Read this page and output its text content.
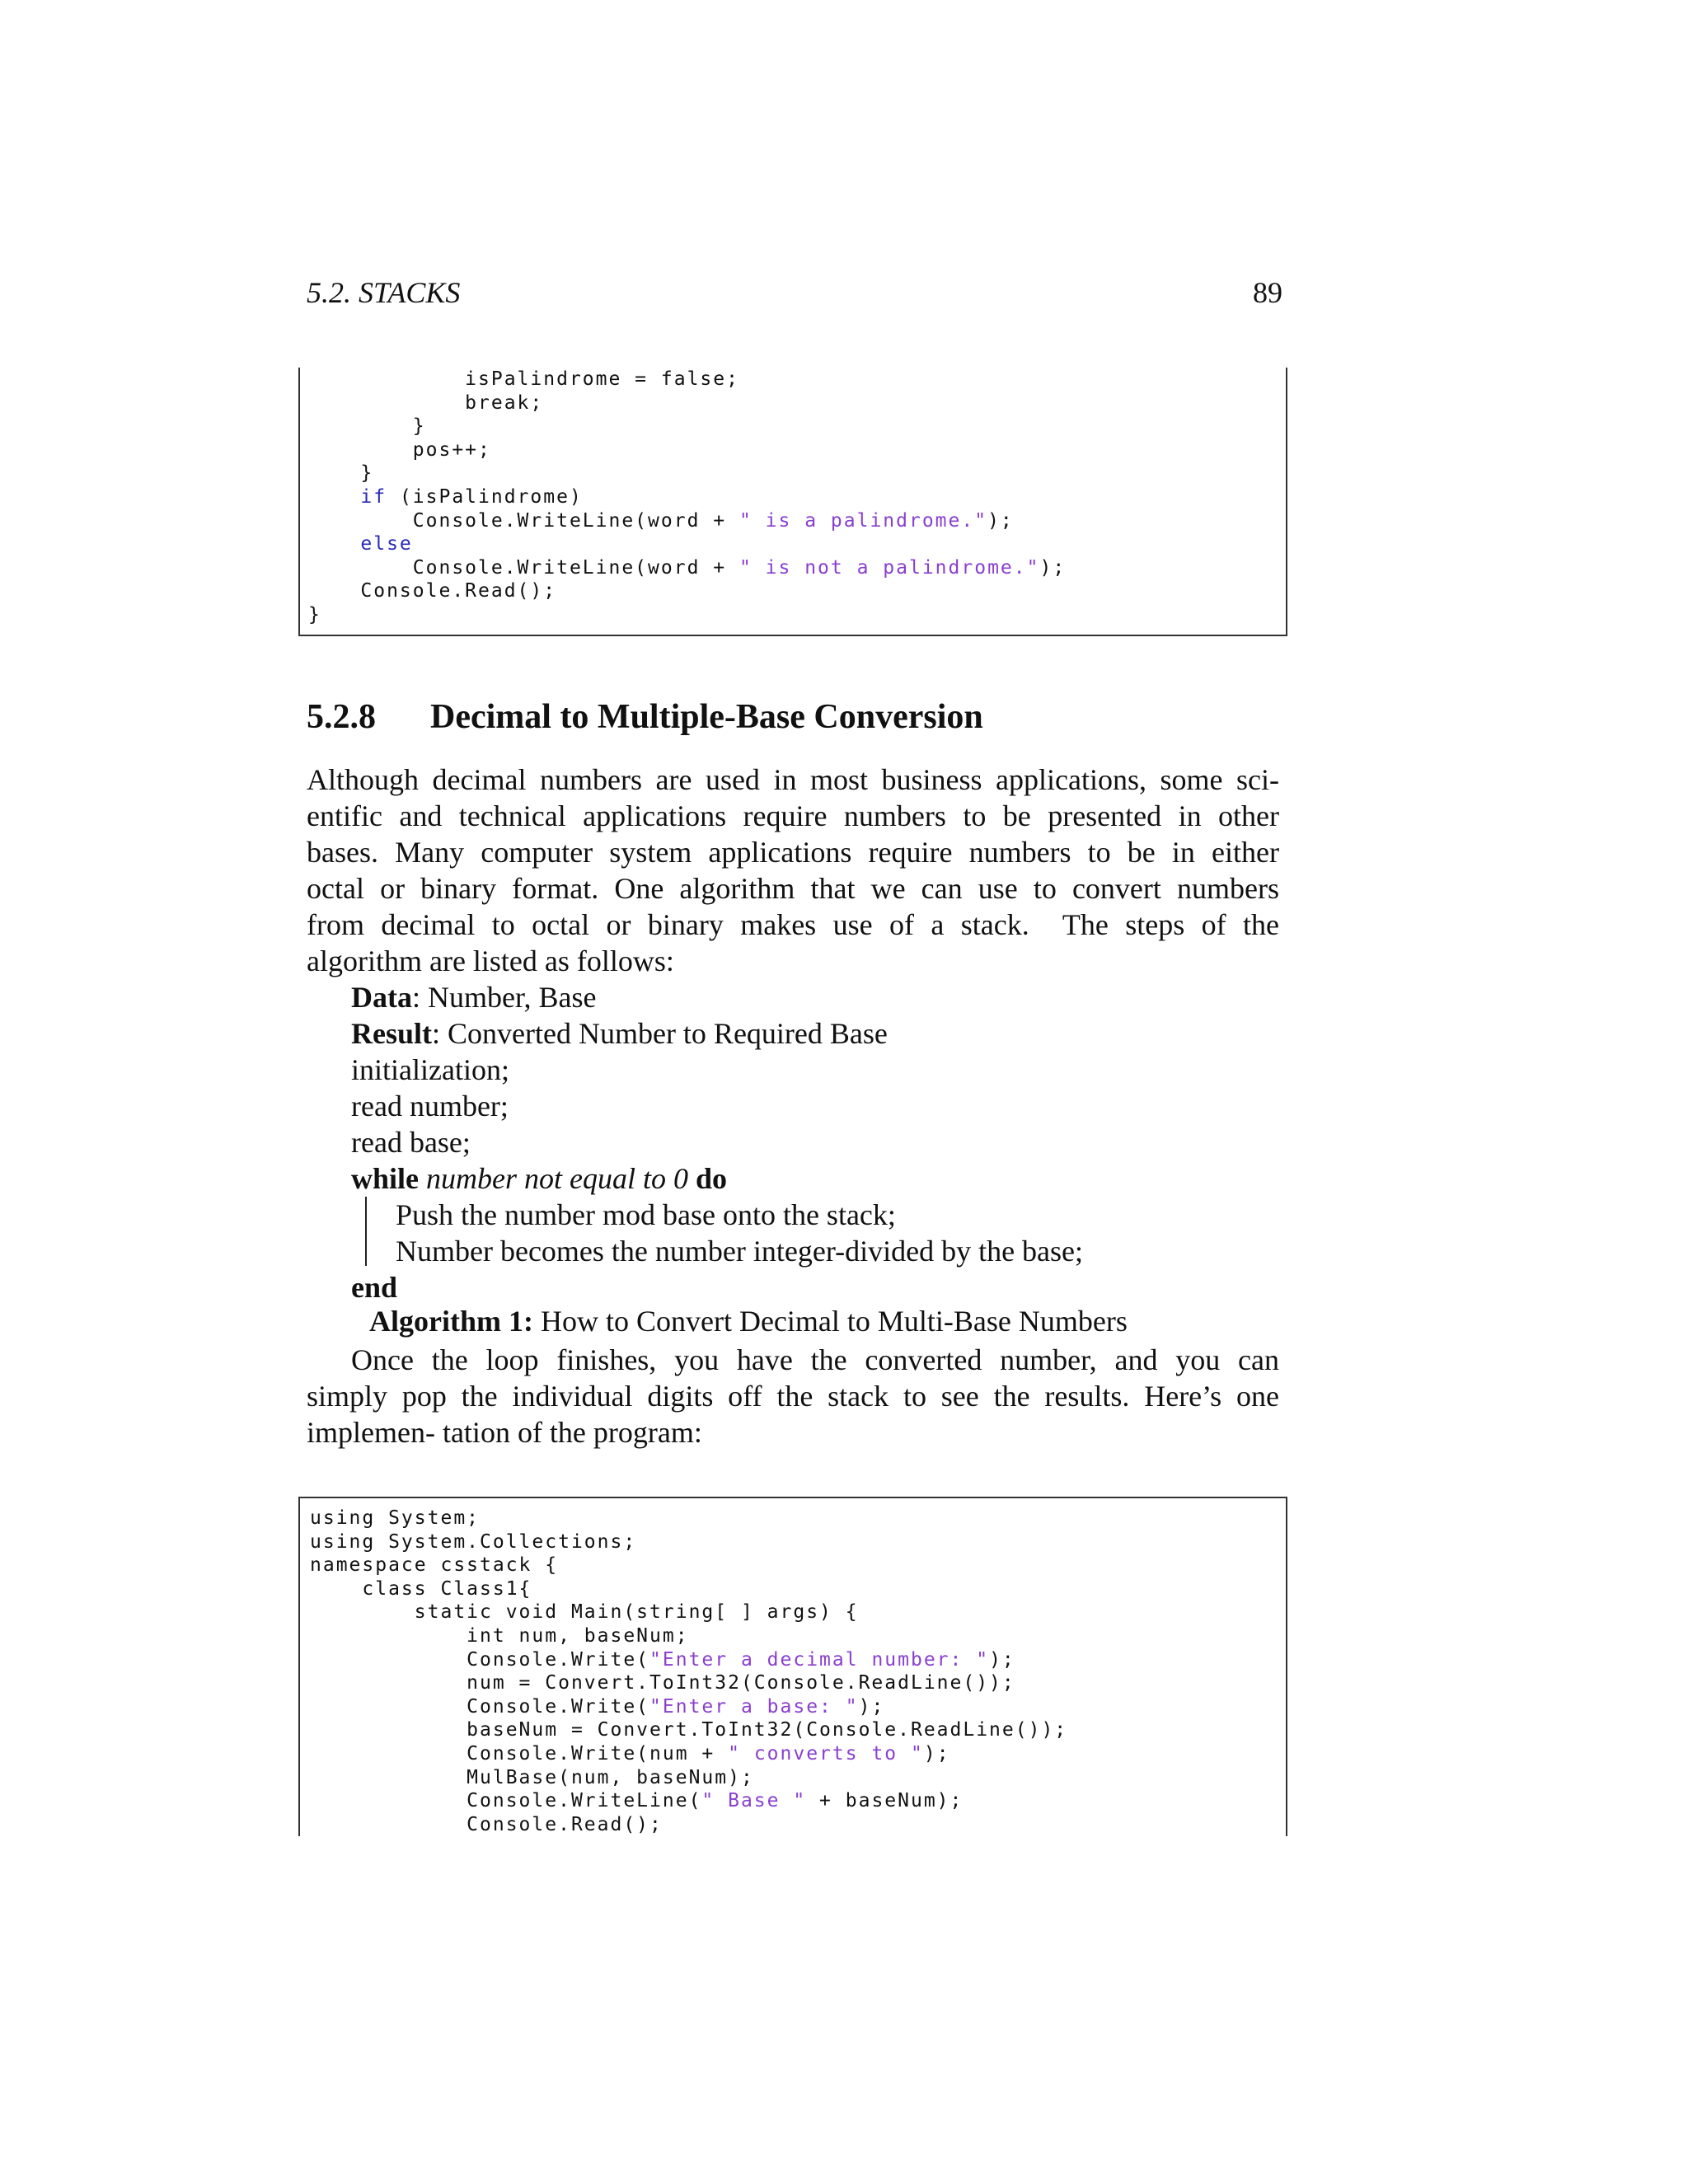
5.2. STACKS	89
isPalindrome = false;
break;
}
pos++;
}
if (isPalindrome)
Console.WriteLine(word + " is a palindrome.");
else
Console.WriteLine(word + " is not a palindrome.");
Console.Read();
}
5.2.8 Decimal to Multiple-Base Conversion
Although decimal numbers are used in most business applications, some sci-
entific and technical applications require numbers to be presented in other
bases. Many computer system applications require numbers to be in either
octal or binary format. One algorithm that we can use to convert numbers
from decimal to octal or binary makes use of a stack.  The steps of the
algorithm are listed as follows:
Data: Number, Base
Result: Converted Number to Required Base
initialization;
read number;
read base;
while number not equal to 0 do
Push the number mod base onto the stack;
Number becomes the number integer-divided by the base;
end
Algorithm 1: How to Convert Decimal to Multi-Base Numbers
Once the loop finishes, you have the converted number, and you can
simply pop the individual digits off the stack to see the results. Here’s one
implemen- tation of the program:
using System;
using System.Collections;
namespace csstack {
class Class1{
static void Main(string[ ] args) {
int num, baseNum;
Console.Write("Enter a decimal number: ");
num = Convert.ToInt32(Console.ReadLine());
Console.Write("Enter a base: ");
baseNum = Convert.ToInt32(Console.ReadLine());
Console.Write(num + " converts to ");
MulBase(num, baseNum);
Console.WriteLine(" Base " + baseNum);
Console.Read();
